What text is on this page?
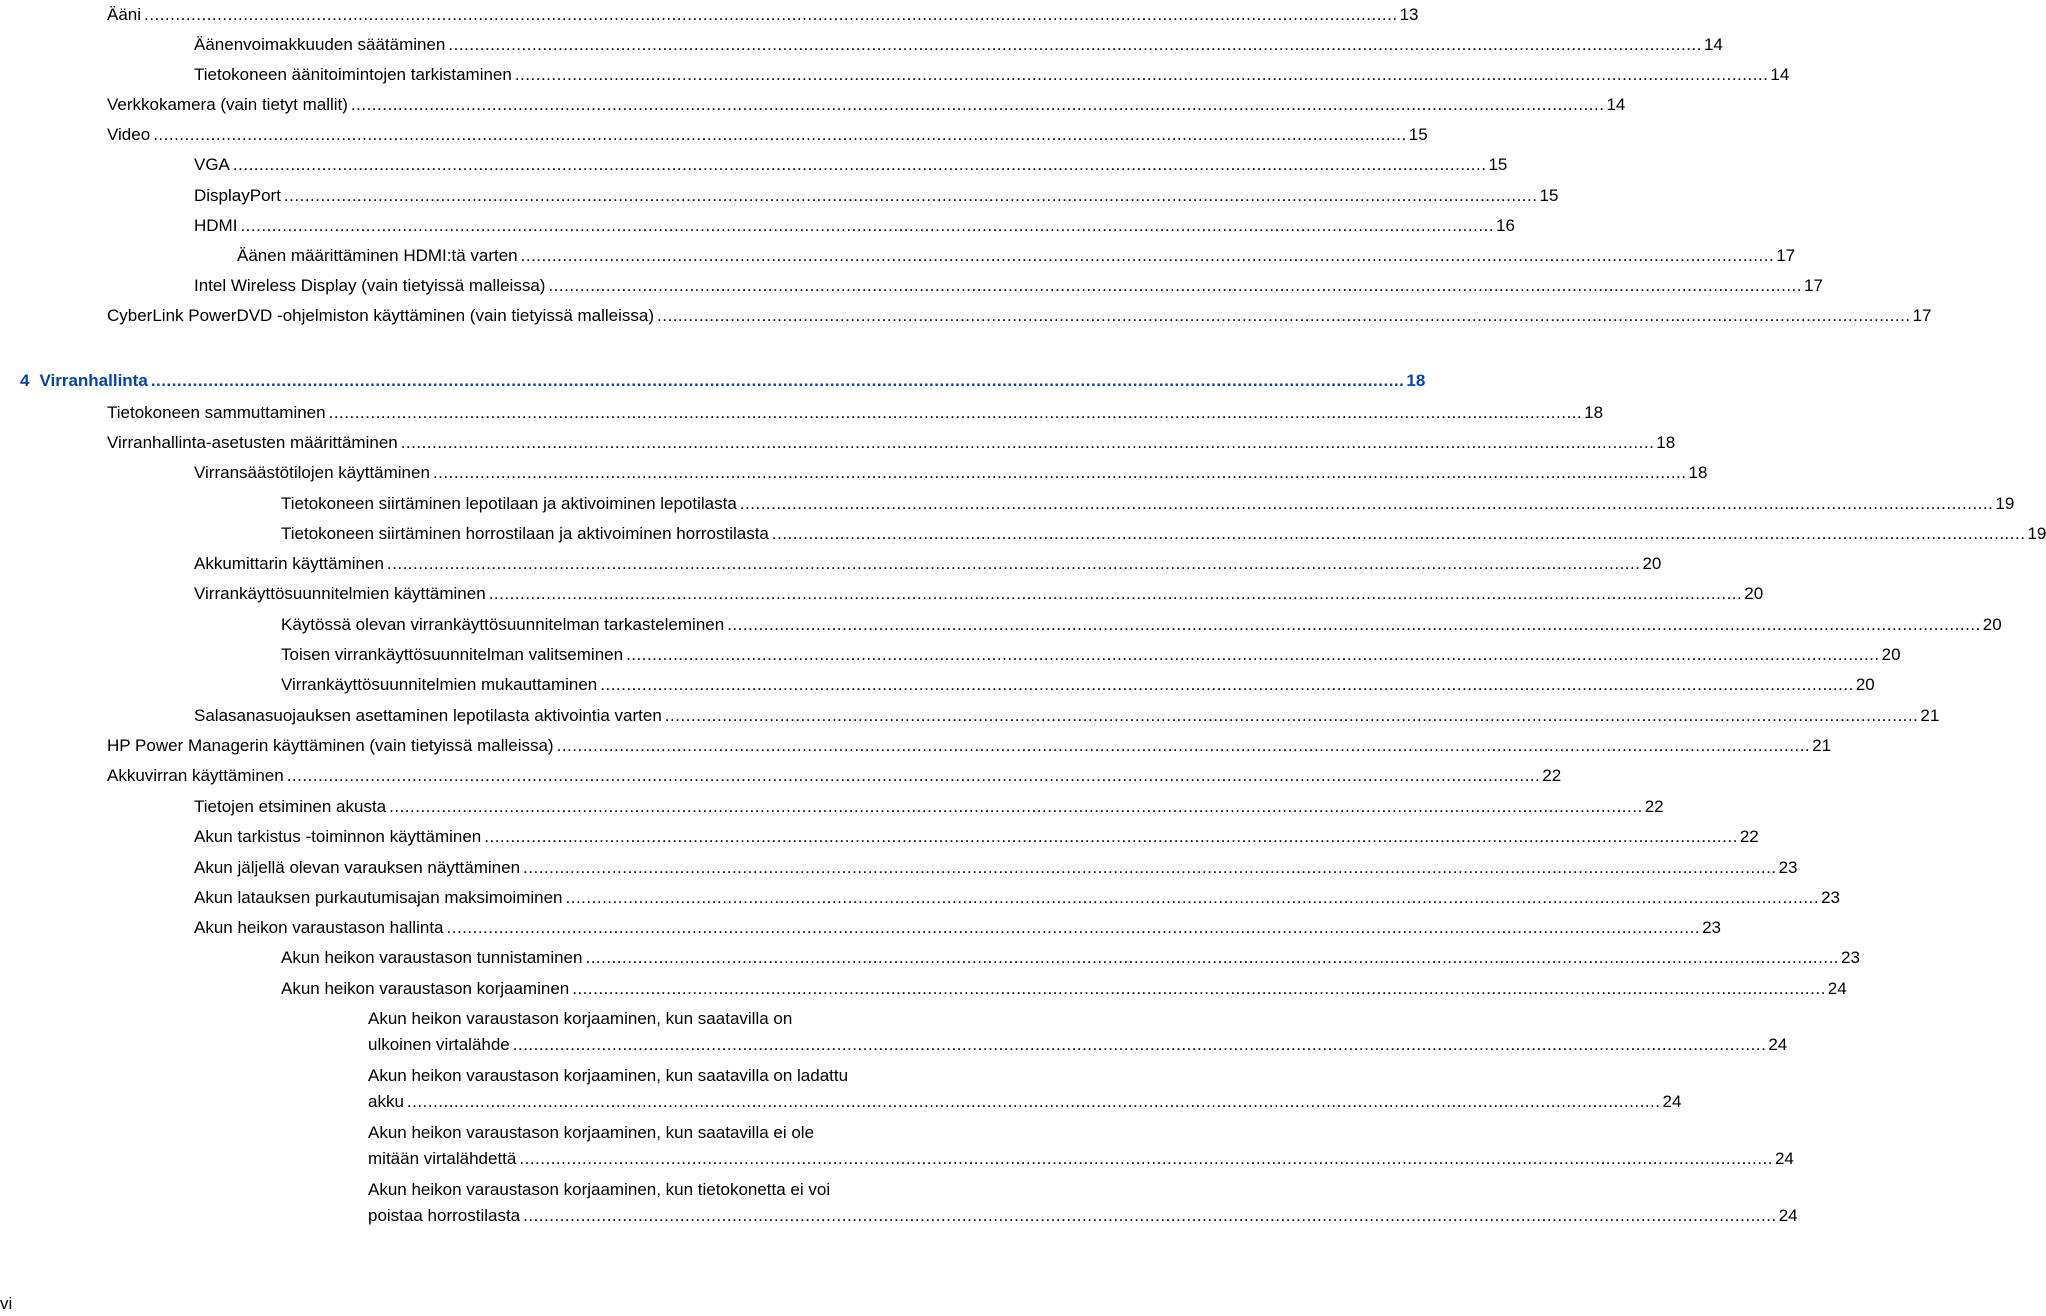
Ääni .....	13
Äänenvoimakkuuden säätäminen .....	14
Tietokoneen äänitoimintojen tarkistaminen .....	14
Verkkokamera (vain tietyt mallit) .....	14
Video .....	15
VGA .....	15
DisplayPort .....	15
HDMI .....	16
Äänen määrittäminen HDMI:tä varten .....	17
Intel Wireless Display (vain tietyissä malleissa) .....	17
CyberLink PowerDVD -ohjelmiston käyttäminen (vain tietyissä malleissa) .....	17
4 Virranhallinta .....	18
Tietokoneen sammuttaminen .....	18
Virranhallinta-asetusten määrittäminen .....	18
Virransäästötilojen käyttäminen .....	18
Tietokoneen siirtäminen lepotilaan ja aktivoiminen lepotilasta .....	19
Tietokoneen siirtäminen horrostilaan ja aktivoiminen horrostilasta .....	19
Akkumittarin käyttäminen .....	20
Virrankäyttösuunnitelmien käyttäminen .....	20
Käytössä olevan virrankäyttösuunnitelman tarkasteleminen .....	20
Toisen virrankäyttösuunnitelman valitseminen .....	20
Virrankäyttösuunnitelmien mukauttaminen .....	20
Salasanasuojauksen asettaminen lepotilasta aktivointia varten .....	21
HP Power Managerin käyttäminen (vain tietyissä malleissa) .....	21
Akkuvirran käyttäminen .....	22
Tietojen etsiminen akusta .....	22
Akun tarkistus -toiminnon käyttäminen .....	22
Akun jäljellä olevan varauksen näyttäminen .....	23
Akun latauksen purkautumisajan maksimoiminen .....	23
Akun heikon varaustason hallinta .....	23
Akun heikon varaustason tunnistaminen .....	23
Akun heikon varaustason korjaaminen .....	24
Akun heikon varaustason korjaaminen, kun saatavilla on
ulkoinen virtalähde .....	24
Akun heikon varaustason korjaaminen, kun saatavilla on ladattu
akku .....	24
Akun heikon varaustason korjaaminen, kun saatavilla ei ole
mitään virtalähdettä .....	24
Akun heikon varaustason korjaaminen, kun tietokonetta ei voi
poistaa horrostilasta .....	24
vi
